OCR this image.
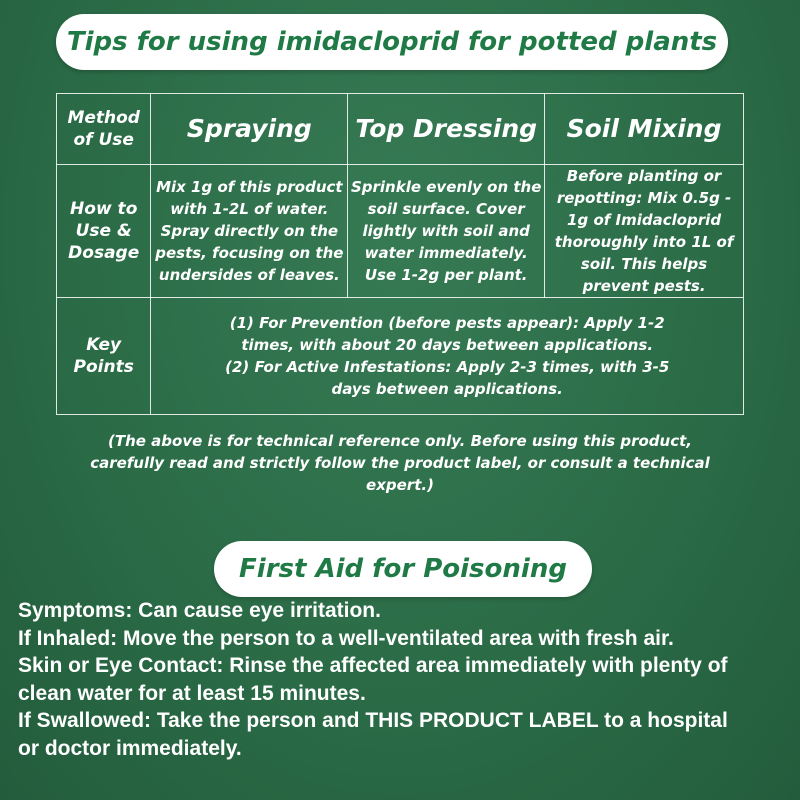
Tips for using imidacloprid for potted plants
Method of Use	Spraying	Top Dressing	Soil Mixing
How to Use & Dosage	Mix 1g of this product with 1-2L of water. Spray directly on the pests, focusing on the undersides of leaves.	Sprinkle evenly on the soil surface. Cover lightly with soil and water immediately. Use 1-2g per plant.	Before planting or repotting: Mix 0.5g - 1g of Imidacloprid thoroughly into 1L of soil. This helps prevent pests.
Key Points	(1) For Prevention (before pests appear): Apply 1-2 times, with about 20 days between applications.
(2) For Active Infestations: Apply 2-3 times, with 3-5 days between applications.		
(The above is for technical reference only. Before using this product, carefully read and strictly follow the product label, or consult a technical expert.)
First Aid for Poisoning

Symptoms: Can cause eye irritation.

If Inhaled: Move the person to a well-ventilated area with fresh air.

Skin or Eye Contact: Rinse the affected area immediately with plenty of clean water for at least 15 minutes.

If Swallowed: Take the person and THIS PRODUCT LABEL to a hospital or doctor immediately.
